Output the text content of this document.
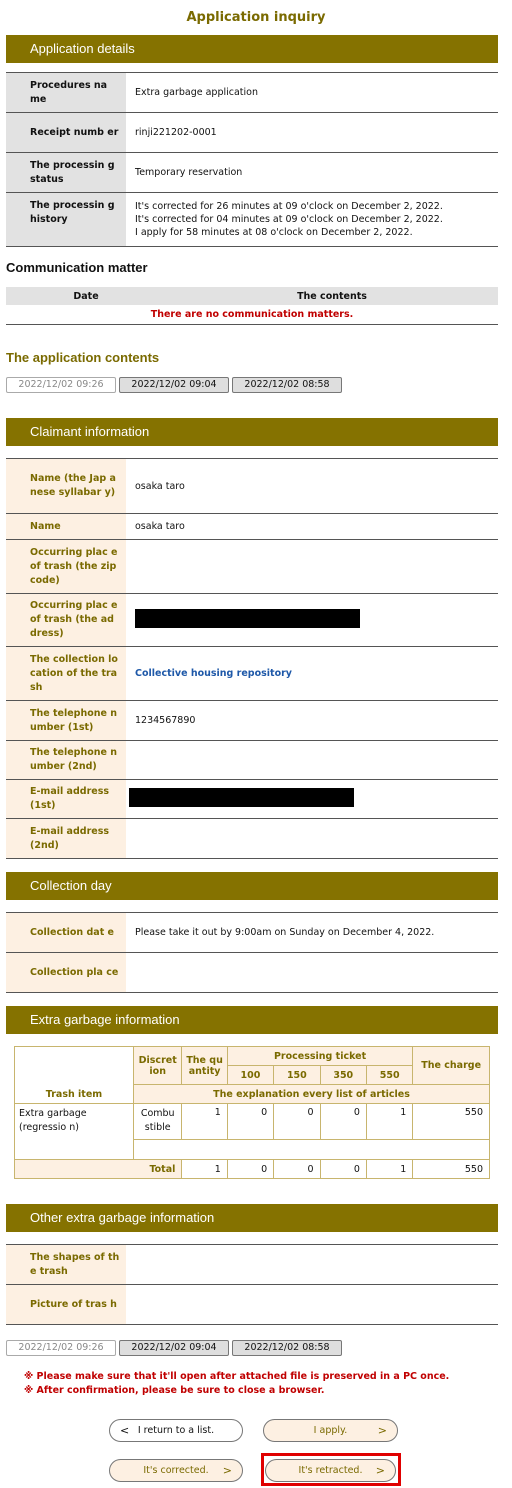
Application inquiry
Application details
Procedures na me	Extra garbage application
Receipt numb er	rinji221202-0001
The processin g status	Temporary reservation
The processin g history	It's corrected for 26 minutes at 09 o'clock on December 2, 2022.
It's corrected for 04 minutes at 09 o'clock on December 2, 2022.
I apply for 58 minutes at 08 o'clock on December 2, 2022.
Communication matter
Date	The contents
There are no communication matters.
The application contents
2022/12/02 09:26	2022/12/02 09:04	2022/12/02 08:58
Claimant information
Name (the Jap anese syllabar y)	osaka taro
Name	osaka taro
Occurring plac e of trash (the zip code)	
Occurring plac e of trash (the address)	
The collection location of the trash	Collective housing repository
The telephone number (1st)	1234567890
The telephone number (2nd)	
E-mail address (1st)	
E-mail address (2nd)	
Collection day
Collection dat e	Please take it out by 9:00am on Sunday on December 4, 2022.
Collection pla ce	
Extra garbage information
Trash item	Discret ion	The qu antity	Processing ticket				The charge
			100	150	350	550	
	The explanation every list of articles						
Extra garbage (regressio n)	Combu stible	1	0	0	0	1	550

Total		1	0	0	0	1	550
Other extra garbage information
The shapes of the trash	
Picture of tras h	
2022/12/02 09:26	2022/12/02 09:04	2022/12/02 08:58
※ Please make sure that it'll open after attached file is preserved in a PC once.
※ After confirmation, please be sure to close a browser.
< I return to a list.	I apply.	>
It's corrected. >	It's retracted. >
